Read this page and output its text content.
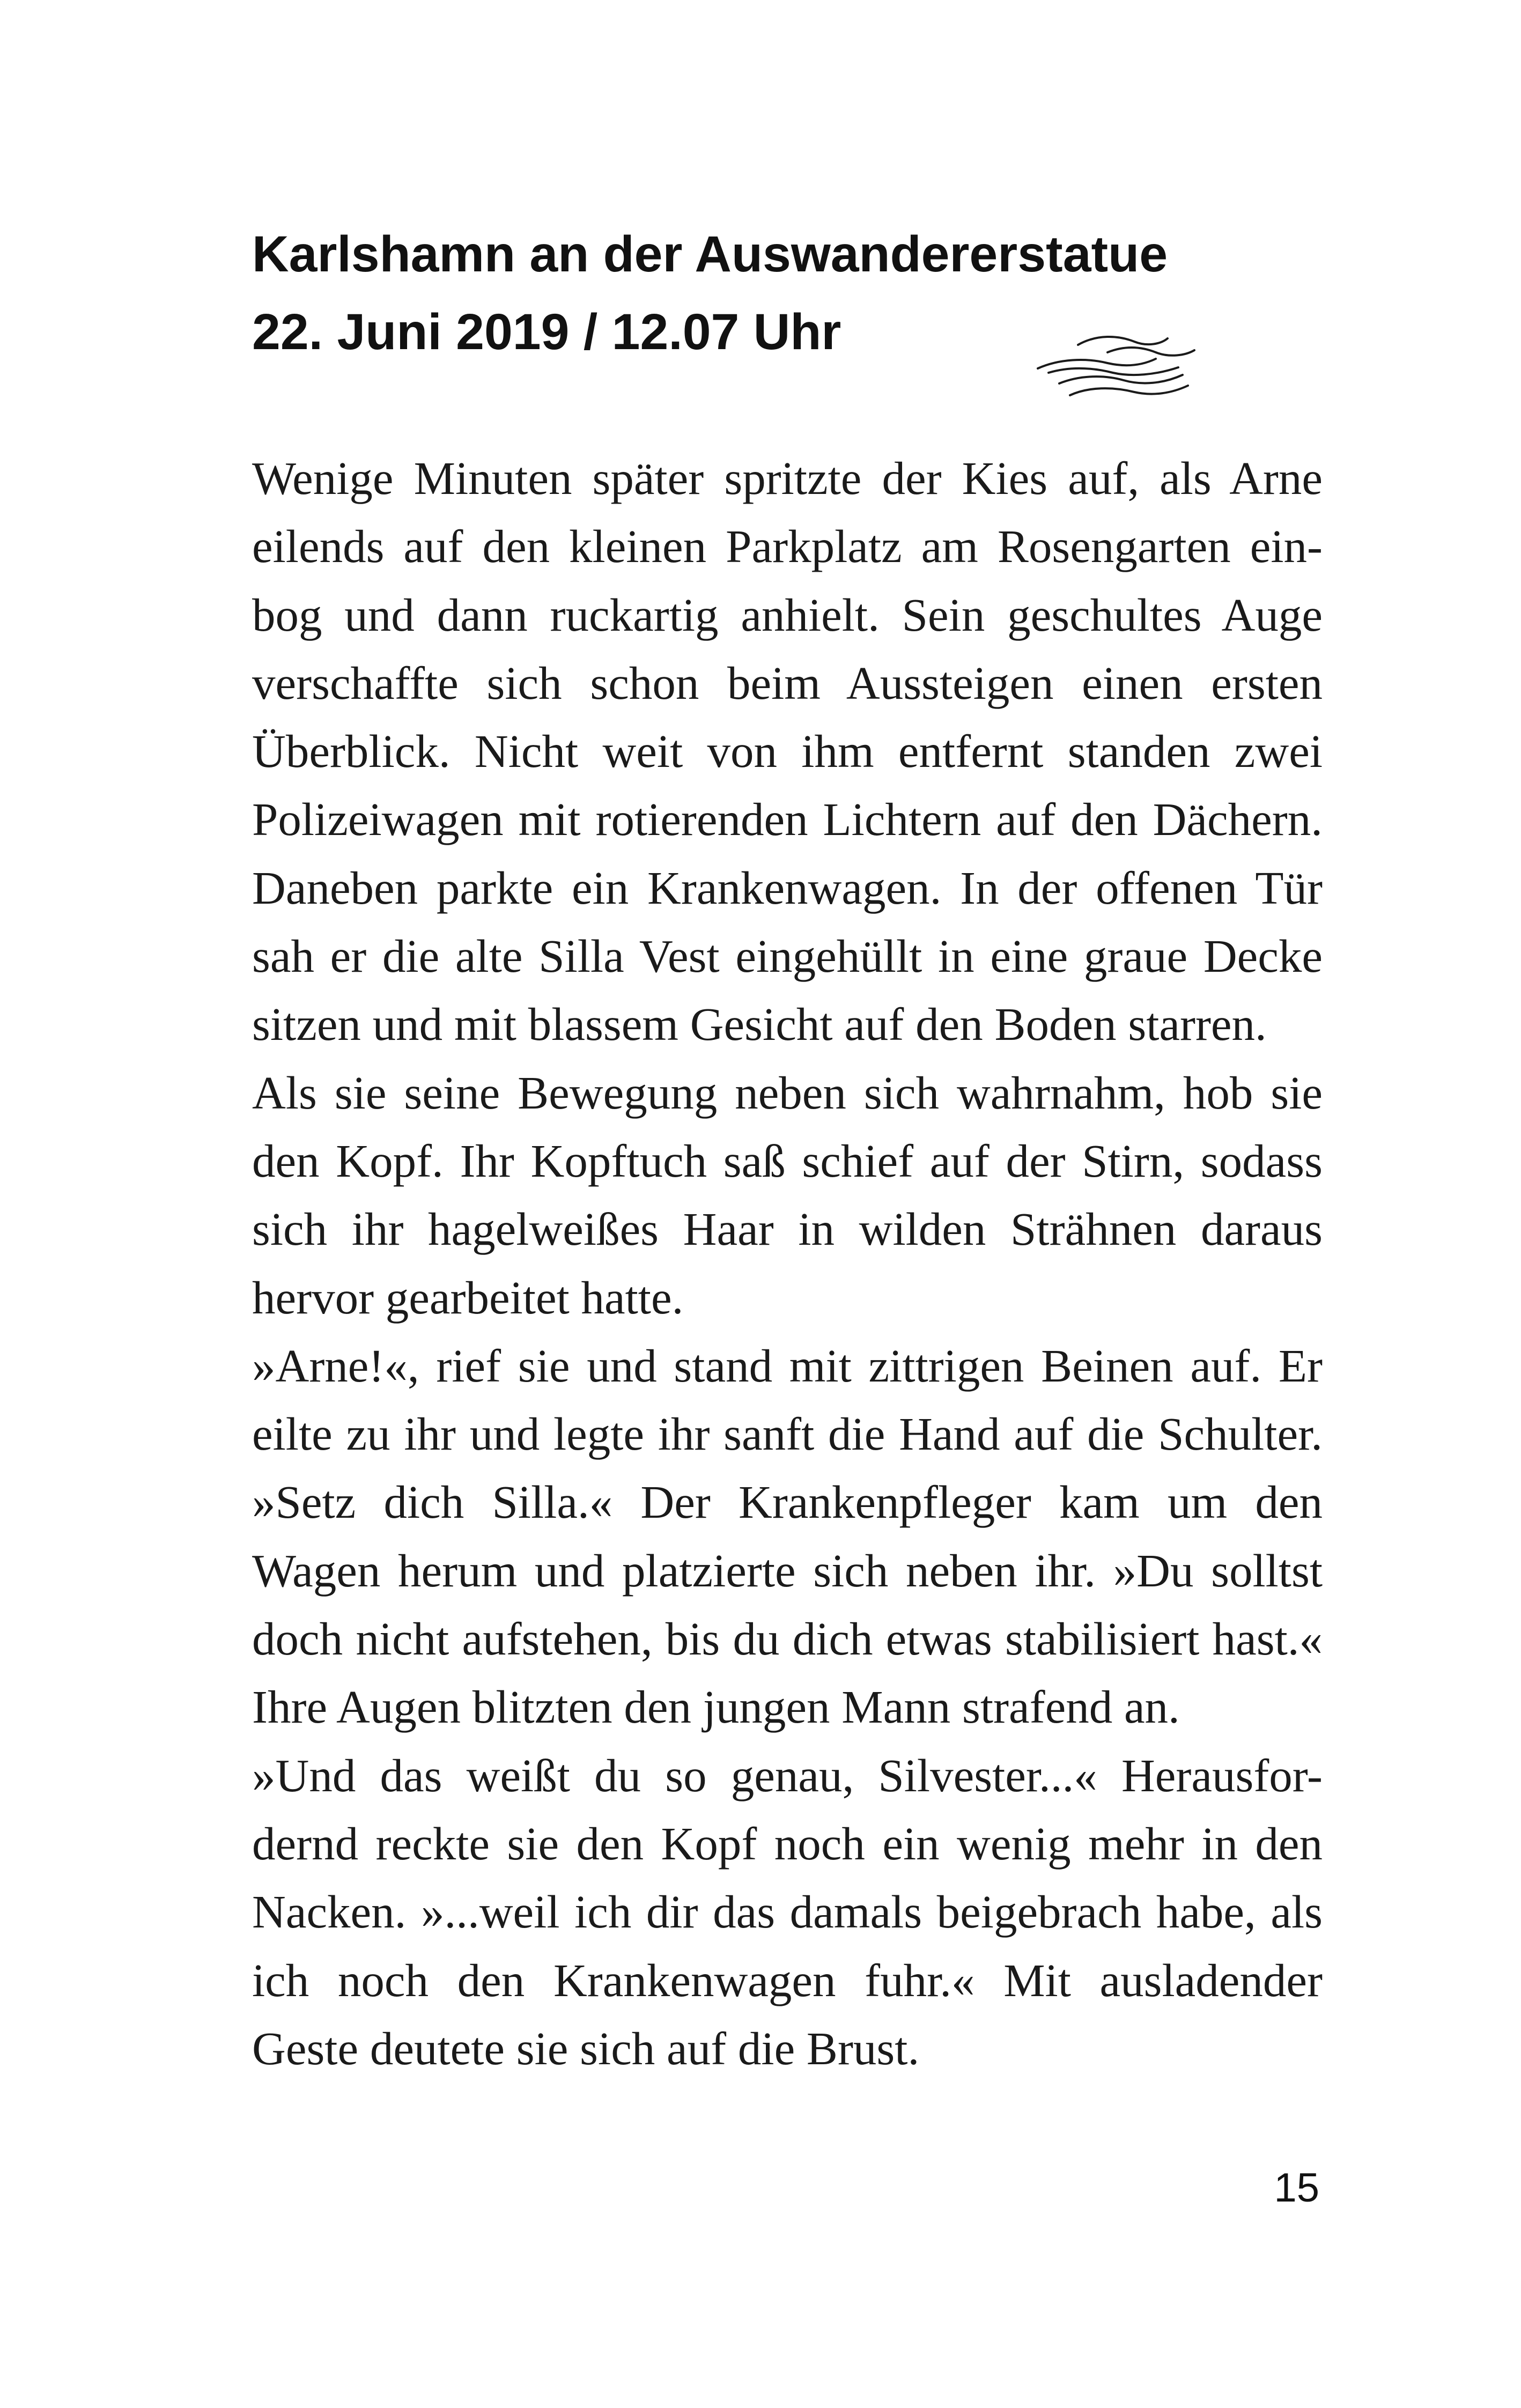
Karlshamn an der Auswandererstatue
22. Juni 2019 / 12.07 Uhr
Wenige Minuten später spritzte der Kies auf, als Arne
eilends auf den kleinen Parkplatz am Rosengarten ein-
bog und dann ruckartig anhielt. Sein geschultes Auge
verschaffte sich schon beim Aussteigen einen ersten
Überblick. Nicht weit von ihm entfernt standen zwei
Polizeiwagen mit rotierenden Lichtern auf den Dächern.
Daneben parkte ein Krankenwagen. In der offenen Tür
sah er die alte Silla Vest eingehüllt in eine graue Decke
sitzen und mit blassem Gesicht auf den Boden starren.
Als sie seine Bewegung neben sich wahrnahm, hob sie
den Kopf. Ihr Kopftuch saß schief auf der Stirn, sodass
sich ihr hagelweißes Haar in wilden Strähnen daraus
hervor gearbeitet hatte.
»Arne!«, rief sie und stand mit zittrigen Beinen auf. Er
eilte zu ihr und legte ihr sanft die Hand auf die Schulter.
»Setz dich Silla.« Der Krankenpfleger kam um den
Wagen herum und platzierte sich neben ihr. »Du solltst
doch nicht aufstehen, bis du dich etwas stabilisiert hast.«
Ihre Augen blitzten den jungen Mann strafend an.
»Und das weißt du so genau, Silvester...« Herausfor-
dernd reckte sie den Kopf noch ein wenig mehr in den
Nacken. »...weil ich dir das damals beigebrach habe, als
ich noch den Krankenwagen fuhr.« Mit ausladender
Geste deutete sie sich auf die Brust.
15
